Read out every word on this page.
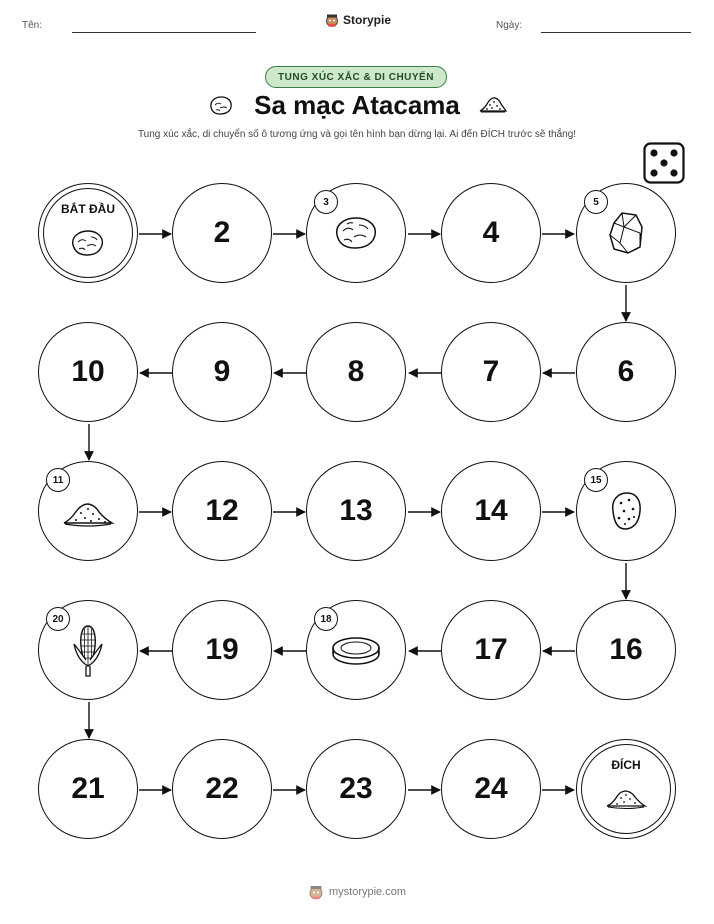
Tên:	Ngày:
Storypie
TUNG XÚC XẮC & DI CHUYỂN
Sa mạc Atacama
Tung xúc xắc, di chuyển số ô tương ứng và gọi tên hình bạn dừng lại. Ai đến ĐÍCH trước sẽ thắng!
BẮT ĐẦU
2
3
4
5
6
7
8
9
10
11
12	13	14
15
16
17
18
19
20
21	22	23	24
ĐÍCH
mystorypie.com
